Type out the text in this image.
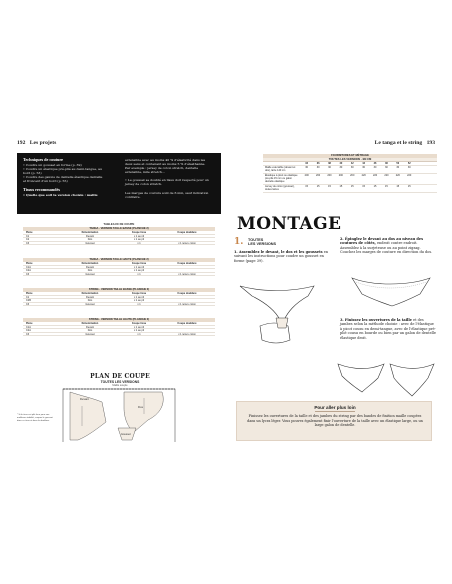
192 Les projets
Techniques de couture
• Coudre un gousset en forme (p. 39)
• Coudre un élastique pré-plié au demi-tangue, au
bord (p. 53)
• Coudre des galons de dentelle élastique dentelle
et froncent d'un bord (p. 55)
Tissus recommandés
• Quelle que soit la version choisie : maille
extensible avec au moins 40 % d'élasticité dans les
deux sens et contenant au moins 5 % d'élasthanne.
Par exemple : jersey de coton stretch, dentelle
extensible, mile stretch…
• Le gousset se doublé en tissu doit respecté pour un
jersey de coton stretch.
Les marges de couture sont de 6 mm, sauf indication
contraire.
TABLEAUX DE COUPE
TANGA - VERSION TAILLE BASSE (PLANCHE 2)
Pièce	Dénomination	Coupe tissu	Coupe doublure
C1	Devant	x 1 au pli
C2	Dos	x 1 au pli
C3	Gousset	x 1	x 1 jersey coton
TANGA - VERSION TAILLE HAUTE (PLANCHE 2)
Pièce	Dénomination	Coupe tissu	Coupe doublure
C1A	Devant	x 1 au pli
C2A	Dos	x 1 au pli
C3	Gousset	x 1	x 1 jersey coton
STRING - VERSION TAILLE BASSE (PLANCHE 2)
Pièce	Dénomination	Coupe tissu	Coupe doublure
C1	Devant	x 1 au pli
C2B	Dos	x 1 au pli
C3	Gousset	x 1	x 1 jersey coton
STRING - VERSION TAILLE HAUTE (PLANCHE 2)
Pièce	Dénomination	Coupe tissu	Coupe doublure
C1A	Devant	x 1 au pli
C2A	Dos	x 1 au pli
C3	Gousset	x 1	x 1 jersey coton
PLAN DE COUPE
TOUTES LES VERSIONS
Maille souple
Devant
Dos
Gousset
* Si le tissu est plié face pour une meilleure stabilité, coupez le gousset dans ce tissu et dans la doublure.
Le tanga et le string 193
FOURNITURES ET MÉTRAGE
TOUTES LES VERSIONS - EN CM
34	36	38	40	42	44	46	48	50	52
Maille extensible (devant et dos), laize 140 cm
30	30	30	30	30	30	30	30	30	30
Élastique à picot ou élastique pré-plié 15 mm ou galon dentelle élastique
200	200	200	200	200	220	220	220	220	220
Jersey de coton (gousset), toutes laizes
15	15	15	15	15	15	15	15	15	15
MONTAGE
1. TOUTES
LES VERSIONS
1. Assemblez le devant, le dos et les goussets en suivant les instructions pour coudre un gousset en forme (page 39).
2. Épinglez le devant au dos au niveau des coutures de côtés, endroit contre endroit. Assemblez à la surjeteuse ou au point zigzag. Couchez les marges de couture en direction du dos.
3. Finissez les ouvertures de la taille et des jambes selon la méthode choisie : avec de l'élastique à picot cousu en demi-tangue, avec de l'élastique pré-plié cousu en bourde ou bien par un galon de dentelle élastique droit.
Pour aller plus loin
Finissez les ouvertures de la taille et des jambes du string par des bandes de finition maille coupées dans un lycra léger. Vous pouvez également finir l'ouverture de la taille avec un élastique large, ou un large galon de dentelle.
